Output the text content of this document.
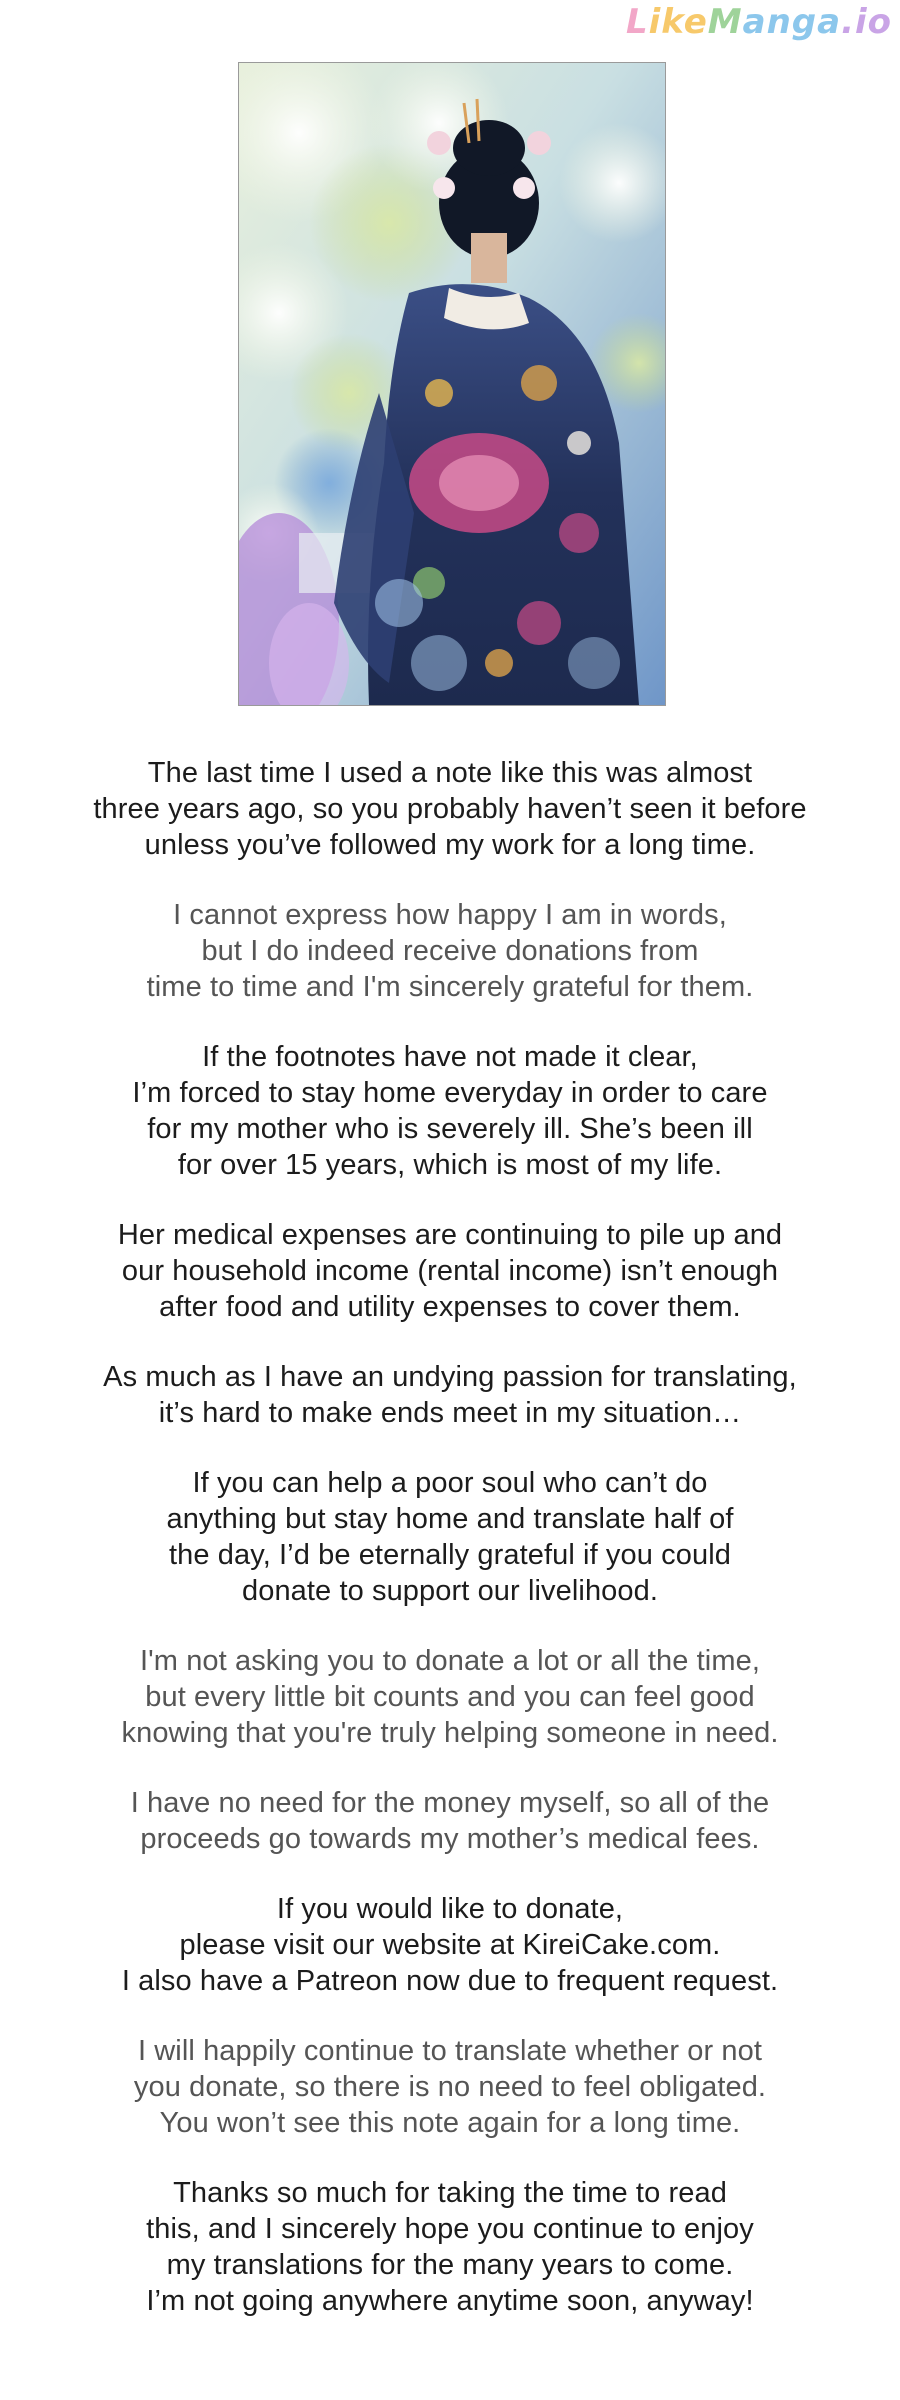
LikeManga.io

The last time I used a note like this was almost
three years ago, so you probably haven’t seen it before
unless you’ve followed my work for a long time.

I cannot express how happy I am in words,
but I do indeed receive donations from
time to time and I'm sincerely grateful for them.

If the footnotes have not made it clear,
I’m forced to stay home everyday in order to care
for my mother who is severely ill. She’s been ill
for over 15 years, which is most of my life.

Her medical expenses are continuing to pile up and
our household income (rental income) isn’t enough
after food and utility expenses to cover them.

As much as I have an undying passion for translating,
it’s hard to make ends meet in my situation…

If you can help a poor soul who can’t do
anything but stay home and translate half of
the day, I’d be eternally grateful if you could
donate to support our livelihood.

I'm not asking you to donate a lot or all the time,
but every little bit counts and you can feel good
knowing that you're truly helping someone in need.

I have no need for the money myself, so all of the
proceeds go towards my mother’s medical fees.

If you would like to donate,
please visit our website at KireiCake.com.
I also have a Patreon now due to frequent request.

I will happily continue to translate whether or not
you donate, so there is no need to feel obligated.
You won’t see this note again for a long time.

Thanks so much for taking the time to read
this, and I sincerely hope you continue to enjoy
my translations for the many years to come.
I’m not going anywhere anytime soon, anyway!
